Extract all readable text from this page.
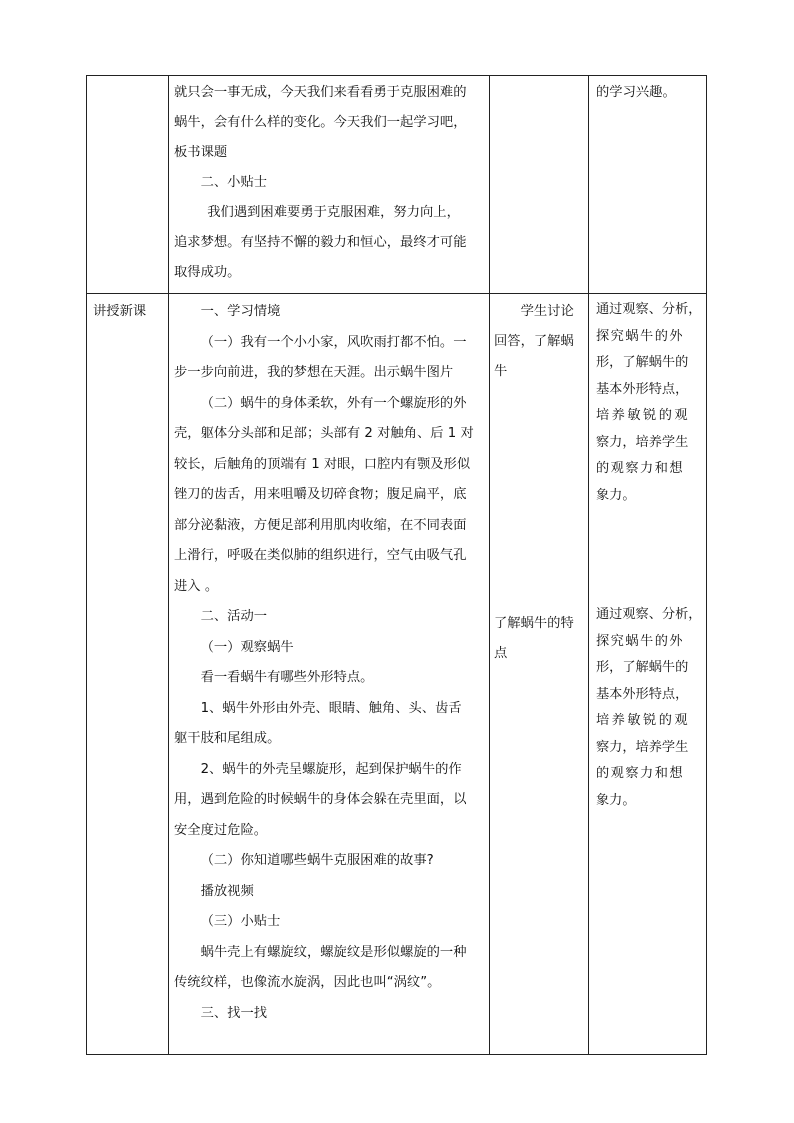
就只会一事无成，今天我们来看看勇于克服困难的

蜗牛，会有什么样的变化。今天我们一起学习吧，

板书课题

二、小贴士

我们遇到困难要勇于克服困难，努力向上，

追求梦想。有坚持不懈的毅力和恒心，最终才可能

取得成功。

的学习兴趣。

讲授新课	一、学习情境

（一）我有一个小小家，风吹雨打都不怕。一

步一步向前进，我的梦想在天涯。出示蜗牛图片

（二）蜗牛的身体柔软，外有一个螺旋形的外

壳，躯体分头部和足部；头部有 2 对触角、后 1 对

较长，后触角的顶端有 1 对眼，口腔内有颚及形似

锉刀的齿舌，用来咀嚼及切碎食物；腹足扁平，底

部分泌黏液，方便足部利用肌肉收缩，在不同表面

上滑行，呼吸在类似肺的组织进行，空气由吸气孔

进入 。

二、活动一

（一）观察蜗牛

看一看蜗牛有哪些外形特点。

1、蜗牛外形由外壳、眼睛、触角、头、齿舌

躯干肢和尾组成。

2、蜗牛的外壳呈螺旋形，起到保护蜗牛的作

用，遇到危险的时候蜗牛的身体会躲在壳里面，以

安全度过危险。

（二）你知道哪些蜗牛克服困难的故事?

播放视频

（三）小贴士

蜗牛壳上有螺旋纹，螺旋纹是形似螺旋的一种

传统纹样，也像流水旋涡，因此也叫“涡纹”。

三、找一找

学生讨论

回答，了解蜗

牛

了解蜗牛的特

点

通过观察、分析，

探究蜗牛的外

形，了解蜗牛的

基本外形特点，

培养敏锐的观

察力，培养学生

的观察力和想

象力。

通过观察、分析，

探究蜗牛的外

形，了解蜗牛的

基本外形特点，

培养敏锐的观

察力，培养学生

的观察力和想

象力。
